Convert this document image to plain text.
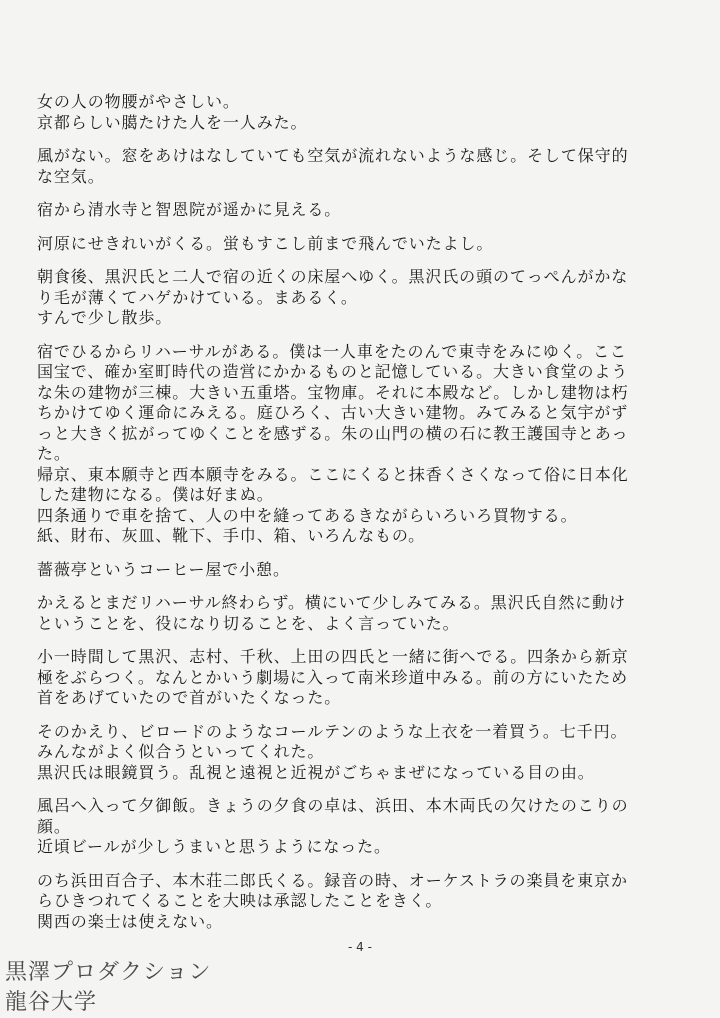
女の人の物腰がやさしい。
京都らしい臈たけた人を一人みた。

風がない。窓をあけはなしていても空気が流れないような感じ。そして保守的
な空気。

宿から清水寺と智恩院が遥かに見える。

河原にせきれいがくる。蛍もすこし前まで飛んでいたよし。

朝食後、黒沢氏と二人で宿の近くの床屋へゆく。黒沢氏の頭のてっぺんがかな
り毛が薄くてハゲかけている。まあるく。
すんで少し散歩。

宿でひるからリハーサルがある。僕は一人車をたのんで東寺をみにゆく。ここ
国宝で、確か室町時代の造営にかかるものと記憶している。大きい食堂のよう
な朱の建物が三棟。大きい五重塔。宝物庫。それに本殿など。しかし建物は朽
ちかけてゆく運命にみえる。庭ひろく、古い大きい建物。みてみると気宇がず
っと大きく拡がってゆくことを感ずる。朱の山門の横の石に教王護国寺とあっ
た。

帰京、東本願寺と西本願寺をみる。ここにくると抹香くさくなって俗に日本化
した建物になる。僕は好まぬ。
四条通りで車を捨て、人の中を縫ってあるきながらいろいろ買物する。
紙、財布、灰皿、靴下、手巾、箱、いろんなもの。

薔薇亭というコーヒー屋で小憩。

かえるとまだリハーサル終わらず。横にいて少しみてみる。黒沢氏自然に動け
ということを、役になり切ることを、よく言っていた。

小一時間して黒沢、志村、千秋、上田の四氏と一緒に街へでる。四条から新京
極をぶらつく。なんとかいう劇場に入って南米珍道中みる。前の方にいたため
首をあげていたので首がいたくなった。

そのかえり、ビロードのようなコールテンのような上衣を一着買う。七千円。
みんながよく似合うといってくれた。
黒沢氏は眼鏡買う。乱視と遠視と近視がごちゃまぜになっている目の由。

風呂へ入って夕御飯。きょうの夕食の卓は、浜田、本木両氏の欠けたのこりの
顔。
近頃ビールが少しうまいと思うようになった。

のち浜田百合子、本木荘二郎氏くる。録音の時、オーケストラの楽員を東京か
らひきつれてくることを大映は承認したことをきく。
関西の楽士は使えない。

- 4 -
黒澤プロダクション
龍谷大学
